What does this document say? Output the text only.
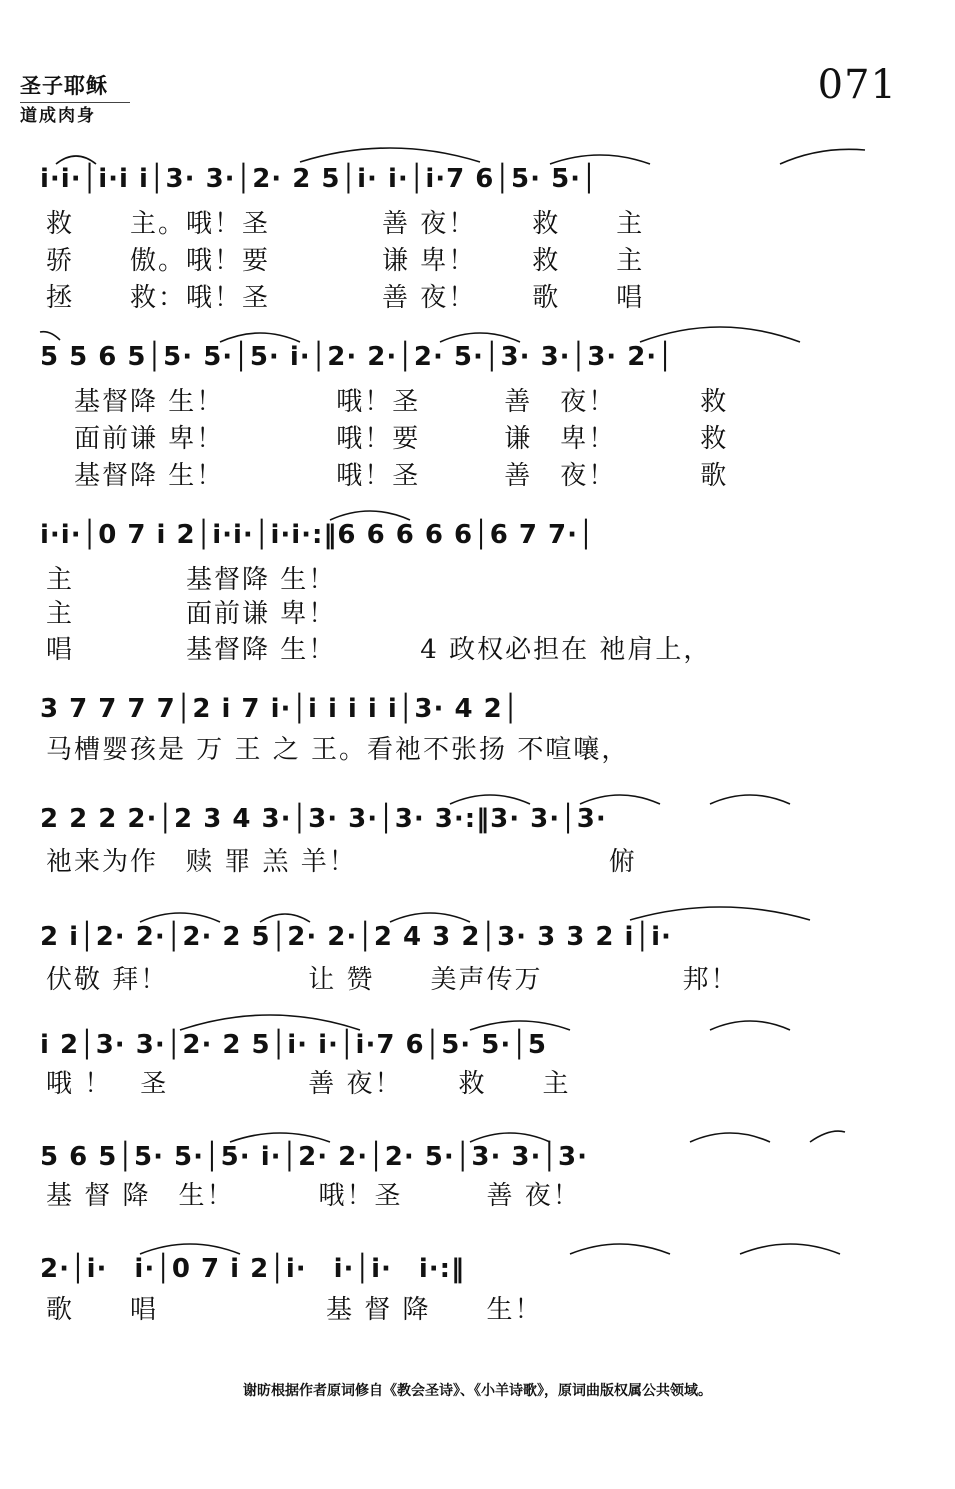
圣子耶稣
道成肉身
071
i·i·│i·i i│3· 3·│2· 2 5│i· i·│i·7 6│5· 5·│
救　　主。哦！圣　　　　善 夜！　　救　　主
骄　　傲。哦！要　　　　谦 卑！　　救　　主
拯　　救：哦！圣　　　　善 夜！　　歌　　唱
5 5 6 5│5· 5·│5· i·│2· 2·│2· 5·│3· 3·│3· 2·│
　基督降 生！　　　　哦！圣　　　善　夜！　　　救
　面前谦 卑！　　　　哦！要　　　谦　卑！　　　救
　基督降 生！　　　　哦！圣　　　善　夜！　　　歌
i·i·│0 7 i 2│i·i·│i·i·:‖6 6 6 6 6│6 7 7·│
主　　　　基督降 生！
主　　　　面前谦 卑！
唱　　　　基督降 生！　　　4 政权必担在 祂肩上，
3 7 7 7 7│2 i 7 i·│i i i i i│3· 4 2│
马槽婴孩是 万 王 之 王。看祂不张扬 不喧嚷，
2 2 2 2·│2 3 4 3·│3· 3·│3· 3·:‖3· 3·│3·
祂来为作　赎 罪 羔 羊！　　　　　　　　　俯
2 i│2· 2·│2· 2 5│2· 2·│2 4 3 2│3· 3 3 2 i│i·
伏敬 拜！　　　　　让 赞　　美声传万　　　　　邦！
i 2│3· 3·│2· 2 5│i· i·│i·7 6│5· 5·│5
哦 ！　圣　　　　　善 夜！　　救　　主
5 6 5│5· 5·│5· i·│2· 2·│2· 5·│3· 3·│3·
基 督 降　生！　　　哦！圣　　　善 夜！
2·│i·　i·│0 7 i 2│i·　i·│i·　i·:‖
歌　　唱　　　　　　基 督 降　　生！
谢昉根据作者原词修自《教会圣诗》、《小羊诗歌》，原词曲版权属公共领域。
